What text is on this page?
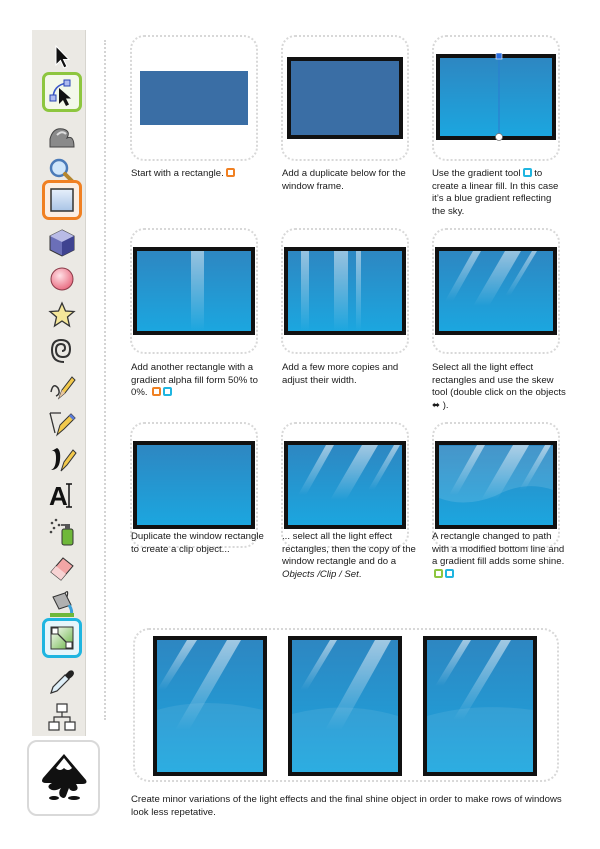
A
Start with a rectangle.	Add a duplicate below for the window frame.
Use the gradient tool to create a linear fill. In this case it’s a blue gradient reflecting the sky.
Add another rectangle with a gradient alpha fill form 50% to 0%.
Add a few more copies and adjust their width.
Select all the light effect rectangles and use the skew tool (double click on the objects ⬌ ).
Duplicate the window rectangle to create a clip object...
... select all the light effect rectangles, then the copy of the window rectangle and do a Objects /Clip / Set.
A rectangle changed to path with a modified bottom line and a gradient fill adds some shine.
Create minor variations of the light effects and the final shine object in order to make rows of windows look less repetative.
